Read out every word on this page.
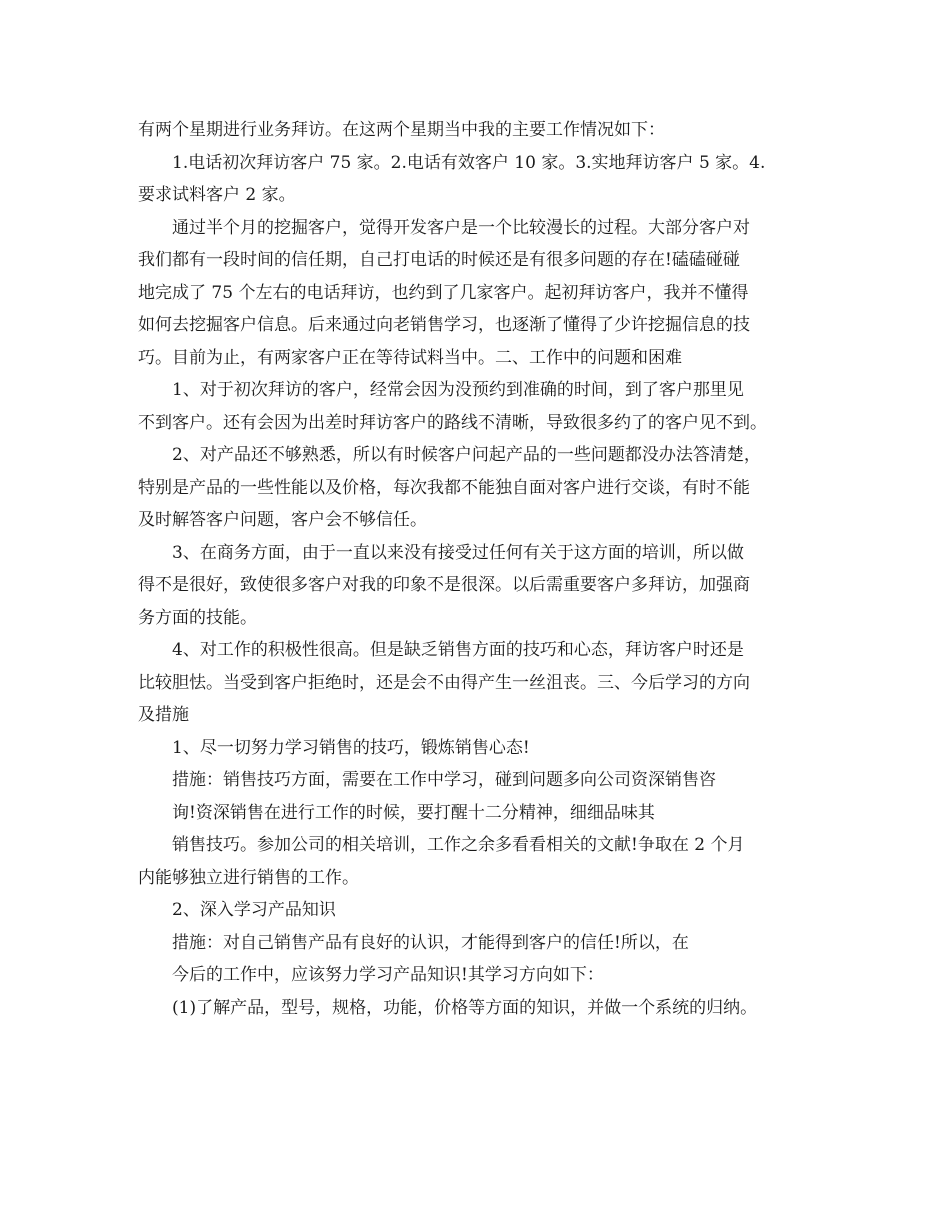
有两个星期进行业务拜访。在这两个星期当中我的主要工作情况如下：
1.电话初次拜访客户 75 家。2.电话有效客户 10 家。3.实地拜访客户 5 家。4.
要求试料客户 2 家。
通过半个月的挖掘客户，觉得开发客户是一个比较漫长的过程。大部分客户对
我们都有一段时间的信任期，自己打电话的时候还是有很多问题的存在!磕磕碰碰
地完成了 75 个左右的电话拜访，也约到了几家客户。起初拜访客户，我并不懂得
如何去挖掘客户信息。后来通过向老销售学习，也逐渐了懂得了少许挖掘信息的技
巧。目前为止，有两家客户正在等待试料当中。二、工作中的问题和困难
1、对于初次拜访的客户，经常会因为没预约到准确的时间，到了客户那里见
不到客户。还有会因为出差时拜访客户的路线不清晰，导致很多约了的客户见不到。
2、对产品还不够熟悉，所以有时候客户问起产品的一些问题都没办法答清楚，
特别是产品的一些性能以及价格，每次我都不能独自面对客户进行交谈，有时不能
及时解答客户问题，客户会不够信任。
3、在商务方面，由于一直以来没有接受过任何有关于这方面的培训，所以做
得不是很好，致使很多客户对我的印象不是很深。以后需重要客户多拜访，加强商
务方面的技能。
4、对工作的积极性很高。但是缺乏销售方面的技巧和心态，拜访客户时还是
比较胆怯。当受到客户拒绝时，还是会不由得产生一丝沮丧。三、今后学习的方向
及措施
1、尽一切努力学习销售的技巧，锻炼销售心态!
措施：销售技巧方面，需要在工作中学习，碰到问题多向公司资深销售咨
询!资深销售在进行工作的时候，要打醒十二分精神，细细品味其
销售技巧。参加公司的相关培训，工作之余多看看相关的文献!争取在 2 个月
内能够独立进行销售的工作。
2、深入学习产品知识
措施：对自己销售产品有良好的认识，才能得到客户的信任!所以，在
今后的工作中，应该努力学习产品知识!其学习方向如下：
(1)了解产品，型号，规格，功能，价格等方面的知识，并做一个系统的归纳。
